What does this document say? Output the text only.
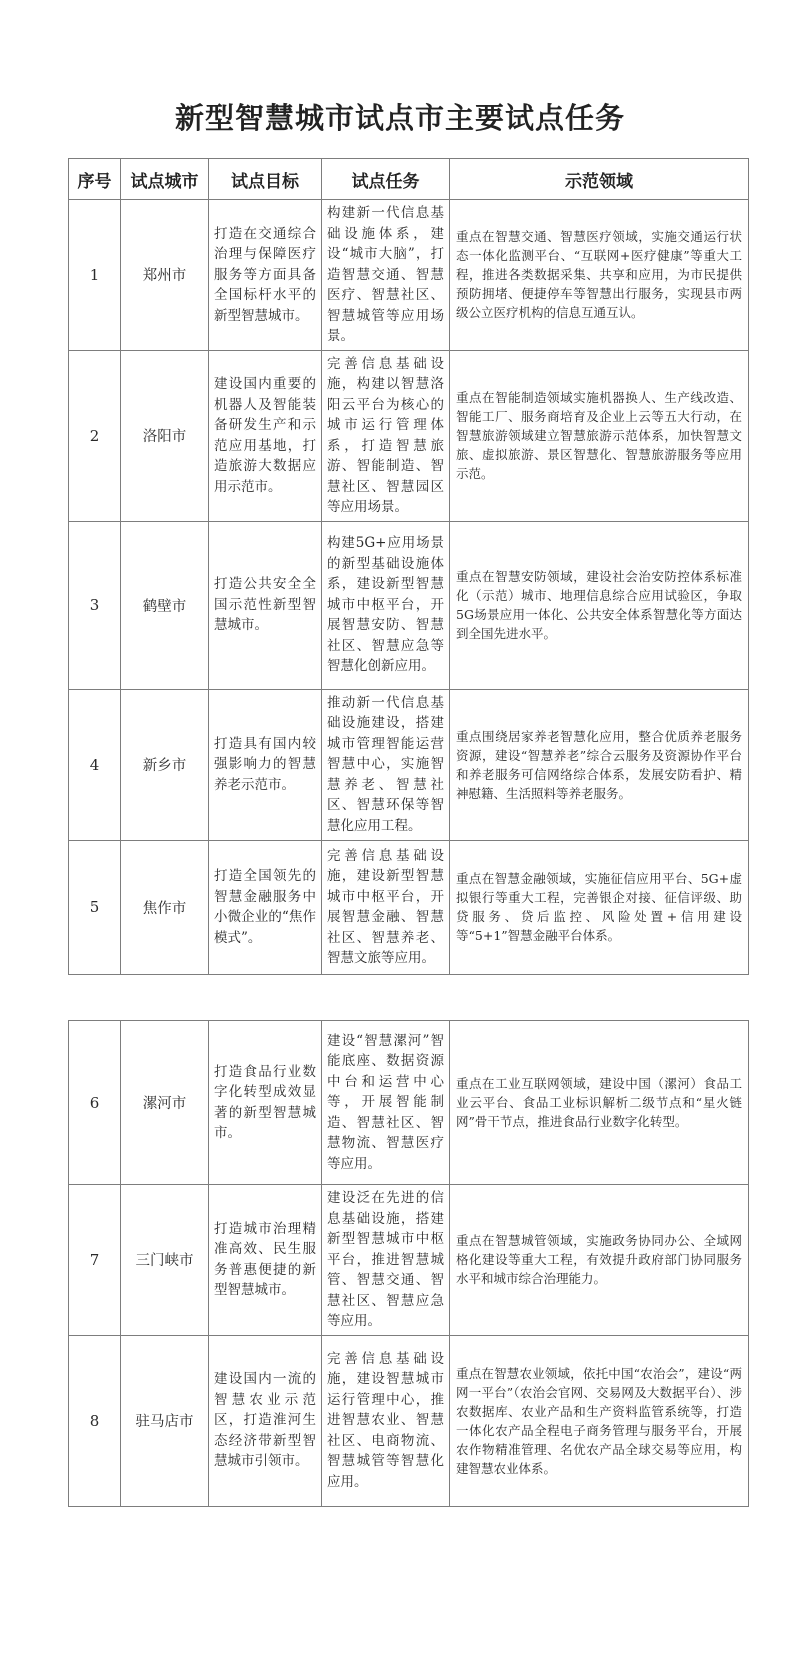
新型智慧城市试点市主要试点任务
序号	试点城市	试点目标	试点任务	示范领域
1	郑州市	打造在交通综合治理与保障医疗服务等方面具备全国标杆水平的新型智慧城市。	构建新一代信息基础设施体系，建设“城市大脑”，打造智慧交通、智慧医疗、智慧社区、智慧城管等应用场景。	重点在智慧交通、智慧医疗领域，实施交通运行状态一体化监测平台、“互联网+医疗健康”等重大工程，推进各类数据采集、共享和应用，为市民提供预防拥堵、便捷停车等智慧出行服务，实现县市两级公立医疗机构的信息互通互认。
2	洛阳市	建设国内重要的机器人及智能装备研发生产和示范应用基地，打造旅游大数据应用示范市。	完善信息基础设施，构建以智慧洛阳云平台为核心的城市运行管理体系，打造智慧旅游、智能制造、智慧社区、智慧园区等应用场景。	重点在智能制造领域实施机器换人、生产线改造、智能工厂、服务商培育及企业上云等五大行动，在智慧旅游领域建立智慧旅游示范体系，加快智慧文旅、虚拟旅游、景区智慧化、智慧旅游服务等应用示范。
3	鹤壁市	打造公共安全全国示范性新型智慧城市。	构建5G+应用场景的新型基础设施体系，建设新型智慧城市中枢平台，开展智慧安防、智慧社区、智慧应急等智慧化创新应用。	重点在智慧安防领域，建设社会治安防控体系标准化（示范）城市、地理信息综合应用试验区，争取5G场景应用一体化、公共安全体系智慧化等方面达到全国先进水平。
4	新乡市	打造具有国内较强影响力的智慧养老示范市。	推动新一代信息基础设施建设，搭建城市管理智能运营智慧中心，实施智慧养老、智慧社区、智慧环保等智慧化应用工程。	重点围绕居家养老智慧化应用，整合优质养老服务资源，建设“智慧养老”综合云服务及资源协作平台和养老服务可信网络综合体系，发展安防看护、精神慰籍、生活照料等养老服务。
5	焦作市	打造全国领先的智慧金融服务中小微企业的“焦作模式”。	完善信息基础设施，建设新型智慧城市中枢平台，开展智慧金融、智慧社区、智慧养老、智慧文旅等应用。	重点在智慧金融领域，实施征信应用平台、5G+虚拟银行等重大工程，完善银企对接、征信评级、助贷服务、贷后监控、风险处置+信用建设等“5+1”智慧金融平台体系。
6	漯河市	打造食品行业数字化转型成效显著的新型智慧城市。	建设“智慧漯河”智能底座、数据资源中台和运营中心等，开展智能制造、智慧社区、智慧物流、智慧医疗等应用。	重点在工业互联网领域，建设中国（漯河）食品工业云平台、食品工业标识解析二级节点和“星火链网”骨干节点，推进食品行业数字化转型。
7	三门峡市	打造城市治理精准高效、民生服务普惠便捷的新型智慧城市。	建设泛在先进的信息基础设施，搭建新型智慧城市中枢平台，推进智慧城管、智慧交通、智慧社区、智慧应急等应用。	重点在智慧城管领域，实施政务协同办公、全域网格化建设等重大工程，有效提升政府部门协同服务水平和城市综合治理能力。
8	驻马店市	建设国内一流的智慧农业示范区，打造淮河生态经济带新型智慧城市引领市。	完善信息基础设施，建设智慧城市运行管理中心，推进智慧农业、智慧社区、电商物流、智慧城管等智慧化应用。	重点在智慧农业领域，依托中国“农治会”，建设“两网一平台”（农治会官网、交易网及大数据平台）、涉农数据库、农业产品和生产资料监管系统等，打造一体化农产品全程电子商务管理与服务平台，开展农作物精准管理、名优农产品全球交易等应用，构建智慧农业体系。
